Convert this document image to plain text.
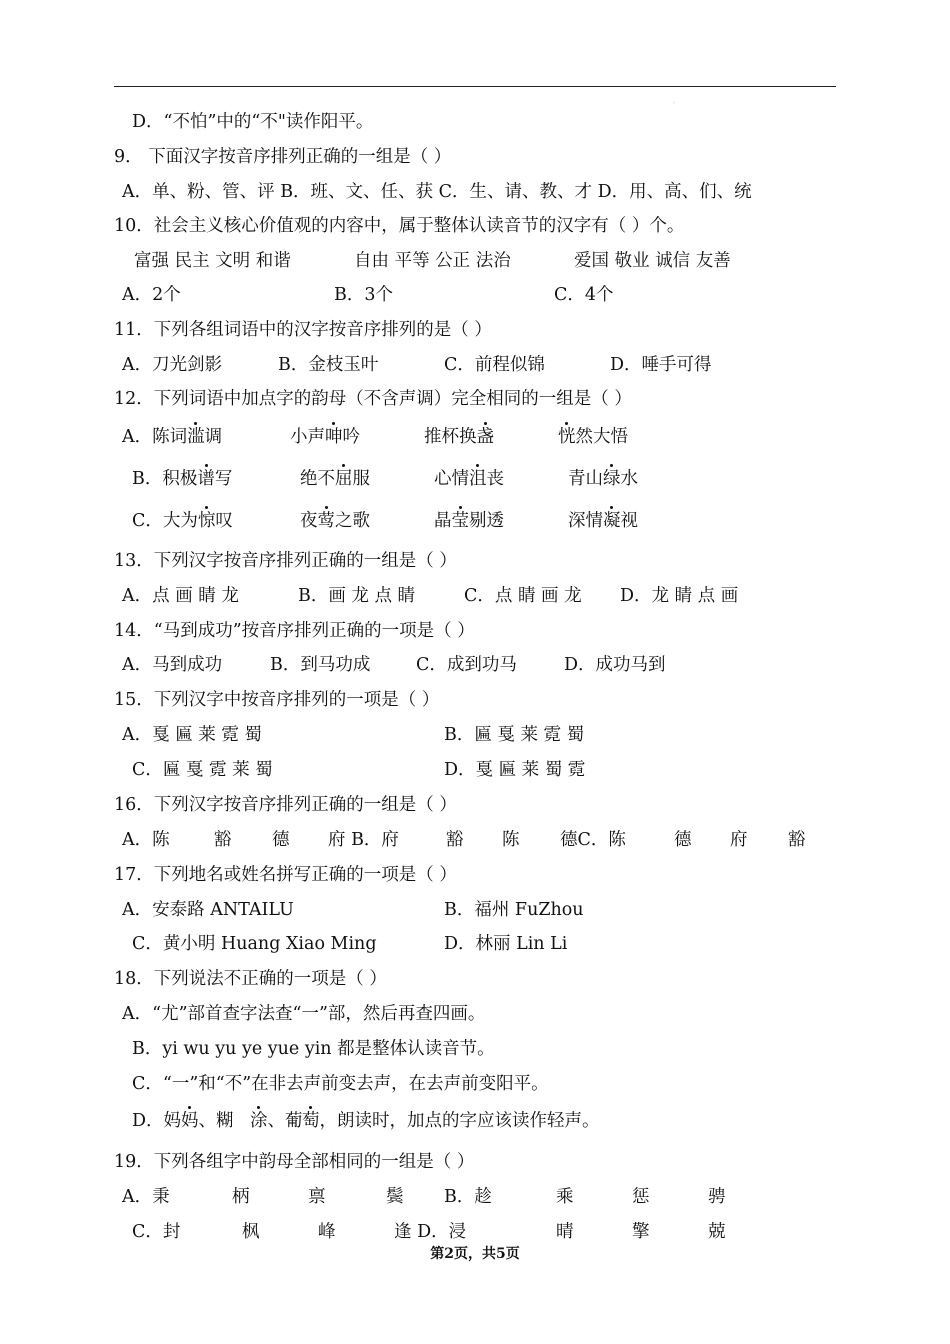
.
D．“不怕”中的“不"读作阳平。
9． 下面汉字按音序排列正确的一组是（ ）
A．单、粉、管、评 B．班、文、任、获 C．生、请、教、才 D．用、高、们、统
10．社会主义核心价值观的内容中，属于整体认读音节的汉字有（ ）个。
富强 民主 文明 和谐	自由 平等 公正 法治	爱国 敬业 诚信 友善
A．2个	B．3个	C．4个
11．下列各组词语中的汉字按音序排列的是（ ）
A．刀光剑影	B．金枝玉叶	C．前程似锦	D．唾手可得
12．下列词语中加点字的韵母（不含声调）完全相同的一组是（ ）
A．陈词滥调	小声呻吟	推杯换盏	恍然大悟
B．积极谱写	绝不屈服	心情沮丧	青山绿水
C．大为惊叹	夜莺之歌	晶莹剔透	深情凝视
13．下列汉字按音序排列正确的一组是（ ）
A．点 画 睛 龙	B．画 龙 点 睛	C．点 睛 画 龙 D．龙 睛 点 画
14．“马到成功”按音序排列正确的一项是（ ）
A．马到成功	B．到马功成	C．成到功马	D．成功马到
15．下列汉字中按音序排列的一项是（ ）
A．戛 匾 莱 霓 蜀	B．匾 戛 莱 霓 蜀
C．匾 戛 霓 莱 蜀	D．戛 匾 莱 蜀 霓
16．下列汉字按音序排列正确的一组是（ ）
A．陈	豁 德 府 B．府	豁 陈 德C．陈	德 府 豁
17．下列地名或姓名拼写正确的一项是（ ）
A．安泰路 ANTAILU	B．福州 FuZhou
C．黄小明 Huang Xiao Ming	D．林丽 Lin Li
18．下列说法不正确的一项是（ ）
A．“尤”部首查字法查“一”部，然后再查四画。
B．yi wu yu ye yue yin 都是整体认读音节。
C．“一”和“不”在非去声前变去声，在去声前变阳平。
D．妈妈、糊 涂、葡 萄，朗读时，加点的字应该读作轻声。
19．下列各组字中韵母全部相同的一组是（ ）
A．秉	柄	禀	鬓 B．趁	乘	惩	骋
C．封	枫	峰	逢 D．浸	晴	擎	兢
第2页，共5页
